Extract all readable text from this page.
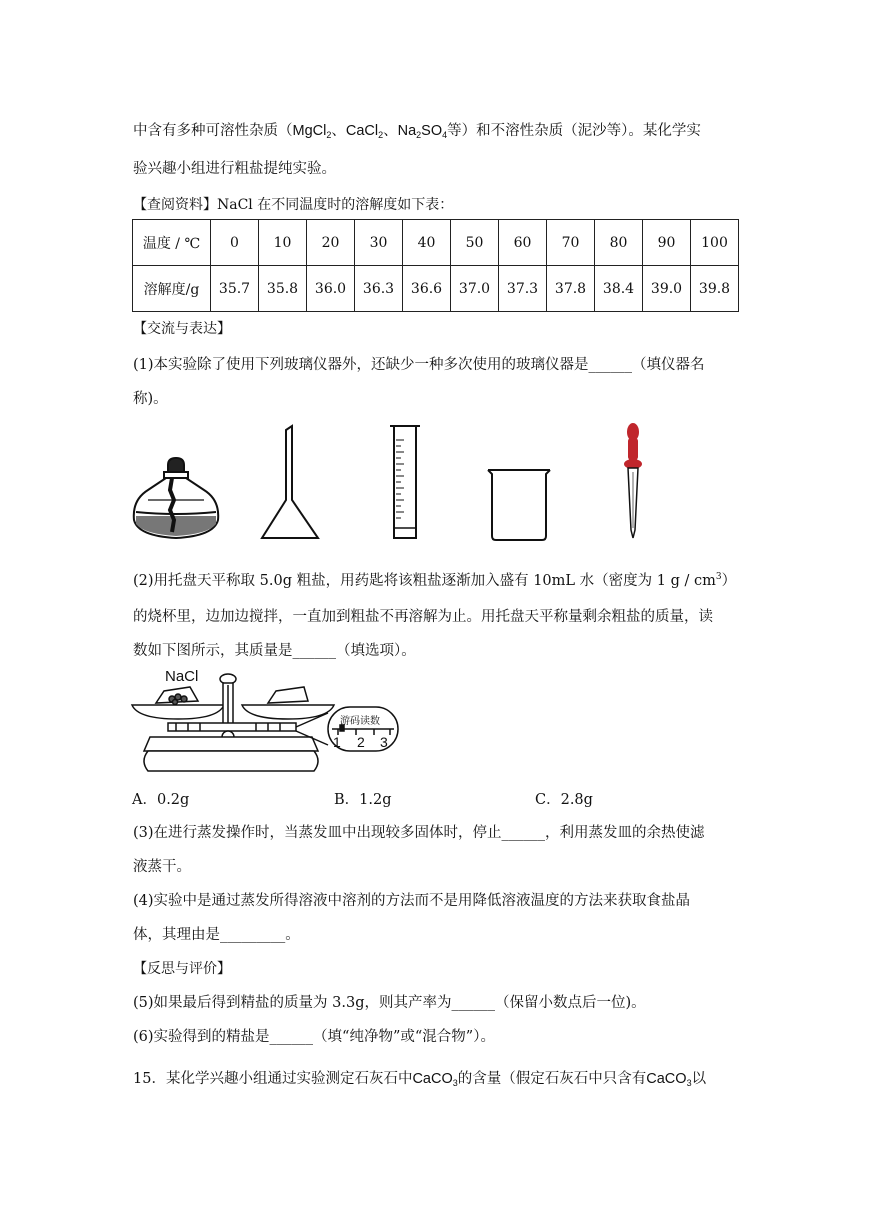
中含有多种可溶性杂质（MgCl$_2$、CaCl$_2$、$Na_2SO_4$等）和不溶性杂质（泥沙等）。某化学实
验兴趣小组进行粗盐提纯实验。
【查阅资料】NaCl 在不同温度时的溶解度如下表：
温度 / ℃	0	10	20	30	40	50	60	70	80	90	100
溶解度/g	35.7	35.8	36.0	36.3	36.6	37.0	37.3	37.8	38.4	39.0	39.8
【交流与表达】
(1)本实验除了使用下列玻璃仪器外，还缺少一种多次使用的玻璃仪器是______（填仪器名
称)。
(2)用托盘天平称取 5.0g 粗盐，用药匙将该粗盐逐渐加入盛有 10mL 水（密度为 1 g / $cm^3$）
的烧杯里，边加边搅拌，一直加到粗盐不再溶解为止。用托盘天平称量剩余粗盐的质量，读
数如下图所示，其质量是______（填选项）。
NaCl
游码读数
1 2 3
A．0.2g	B．1.2g	C．2.8g
(3)在进行蒸发操作时，当蒸发皿中出现较多固体时，停止______，利用蒸发皿的余热使滤
液蒸干。
(4)实验中是通过蒸发所得溶液中溶剂的方法而不是用降低溶液温度的方法来获取食盐晶
体，其理由是_________。
【反思与评价】
(5)如果最后得到精盐的质量为 3.3g，则其产率为______（保留小数点后一位)。
(6)实验得到的精盐是______（填“纯净物”或“混合物”）。
15．某化学兴趣小组通过实验测定石灰石中CaCO$_3$的含量（假定石灰石中只含有CaCO$_3$以
